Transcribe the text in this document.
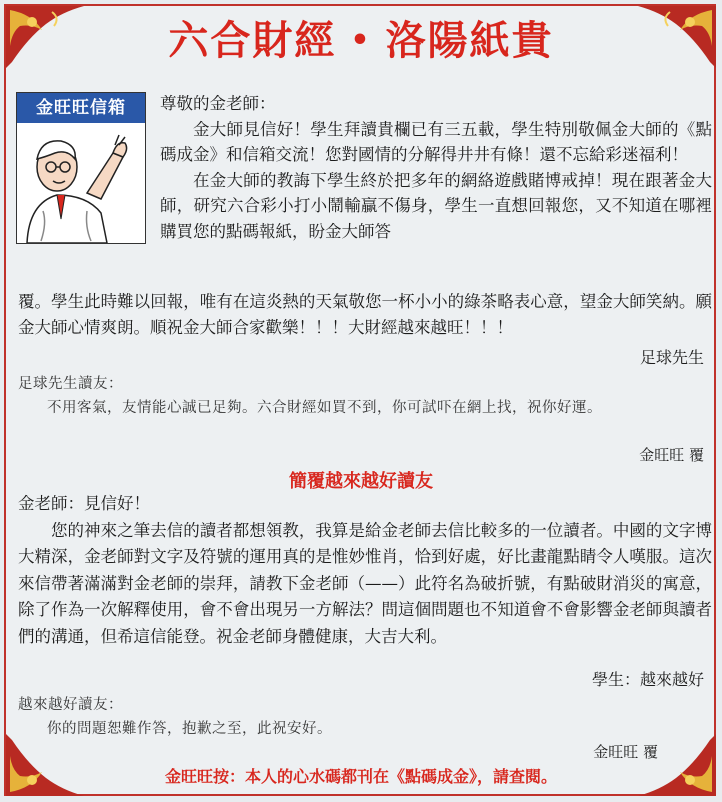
六合財經 • 洛陽紙貴
金旺旺信箱	尊敬的金老師：

金大師見信好！學生拜讀貴欄已有三五載，學生特別敬佩金大師的《點碼成金》和信箱交流！您對國情的分解得井井有條！還不忘給彩迷福利！

在金大師的教誨下學生終於把多年的網絡遊戲賭博戒掉！現在跟著金大師，研究六合彩小打小鬧輸贏不傷身，學生一直想回報您，又不知道在哪裡購買您的點碼報紙，盼金大師答

覆。學生此時難以回報，唯有在這炎熱的天氣敬您一杯小小的綠茶略表心意，望金大師笑納。願金大師心情爽朗。順祝金大師合家歡樂！！！大財經越來越旺！！！

足球先生

足球先生讀友：

不用客氣，友情能心誠已足夠。六合財經如買不到，你可試吓在網上找，祝你好運。

金旺旺 覆
簡覆越來越好讀友

金老師：見信好！

您的神來之筆去信的讀者都想領教，我算是給金老師去信比較多的一位讀者。中國的文字博大精深，金老師對文字及符號的運用真的是惟妙惟肖，恰到好處，好比畫龍點睛令人嘆服。這次來信帶著滿滿對金老師的崇拜，請教下金老師（——）此符名為破折號，有點破財消災的寓意，除了作為一次解釋使用，會不會出現另一方解法？問這個問題也不知道會不會影響金老師與讀者們的溝通，但希這信能登。祝金老師身體健康，大吉大利。

學生：越來越好

越來越好讀友：

你的問題恕難作答，抱歉之至，此祝安好。

金旺旺 覆
金旺旺按：本人的心水碼都刊在《點碼成金》，請查閱。
